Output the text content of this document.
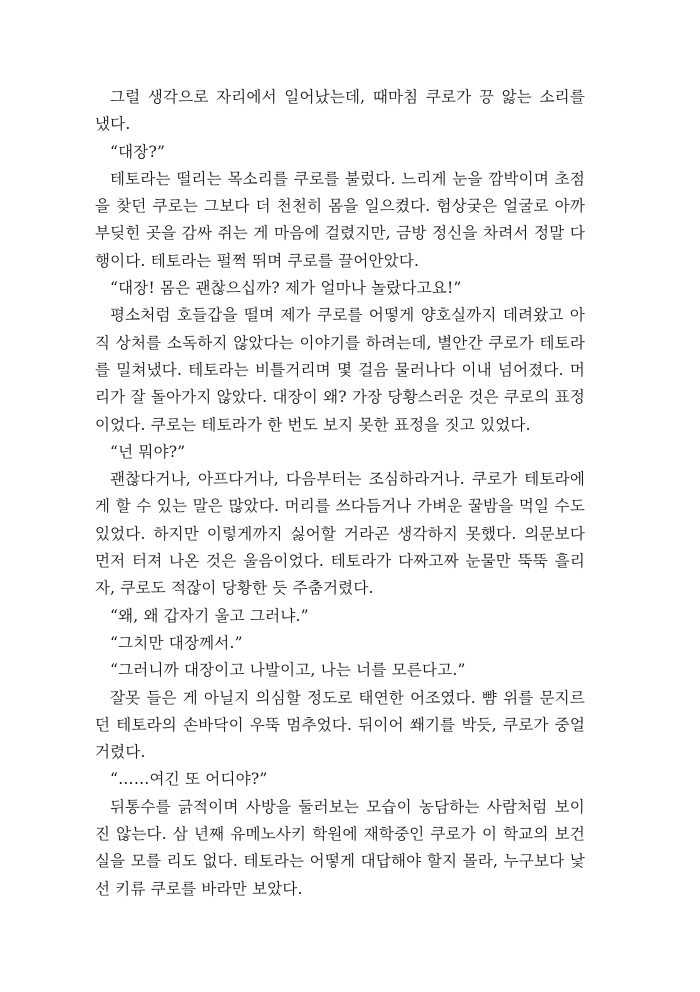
그럴 생각으로 자리에서 일어났는데, 때마침 쿠로가 끙 앓는 소리를 냈다.

“대장?”

테토라는 떨리는 목소리를 쿠로를 불렀다. 느리게 눈을 깜박이며 초점을 찾던 쿠로는 그보다 더 천천히 몸을 일으켰다. 험상궂은 얼굴로 아까 부딪힌 곳을 감싸 쥐는 게 마음에 걸렸지만, 금방 정신을 차려서 정말 다행이다. 테토라는 펄쩍 뛰며 쿠로를 끌어안았다.

“대장! 몸은 괜찮으십까? 제가 얼마나 놀랐다고요!”

평소처럼 호들갑을 떨며 제가 쿠로를 어떻게 양호실까지 데려왔고 아직 상처를 소독하지 않았다는 이야기를 하려는데, 별안간 쿠로가 테토라를 밀쳐냈다. 테토라는 비틀거리며 몇 걸음 물러나다 이내 넘어졌다. 머리가 잘 돌아가지 않았다. 대장이 왜? 가장 당황스러운 것은 쿠로의 표정이었다. 쿠로는 테토라가 한 번도 보지 못한 표정을 짓고 있었다.

“넌 뭐야?”

괜찮다거나, 아프다거나, 다음부터는 조심하라거나. 쿠로가 테토라에게 할 수 있는 말은 많았다. 머리를 쓰다듬거나 가벼운 꿀밤을 먹일 수도 있었다. 하지만 이렇게까지 싫어할 거라곤 생각하지 못했다. 의문보다 먼저 터져 나온 것은 울음이었다. 테토라가 다짜고짜 눈물만 뚝뚝 흘리자, 쿠로도 적잖이 당황한 듯 주춤거렸다.

“왜, 왜 갑자기 울고 그러냐.”

“그치만 대장께서.”

“그러니까 대장이고 나발이고, 나는 너를 모른다고.”

잘못 들은 게 아닐지 의심할 정도로 태연한 어조였다. 뺨 위를 문지르던 테토라의 손바닥이 우뚝 멈추었다. 뒤이어 쐐기를 박듯, 쿠로가 중얼거렸다.

“……여긴 또 어디야?”

뒤통수를 긁적이며 사방을 둘러보는 모습이 농담하는 사람처럼 보이진 않는다. 삼 년째 유메노사키 학원에 재학중인 쿠로가 이 학교의 보건실을 모를 리도 없다. 테토라는 어떻게 대답해야 할지 몰라, 누구보다 낯선 키류 쿠로를 바라만 보았다.
